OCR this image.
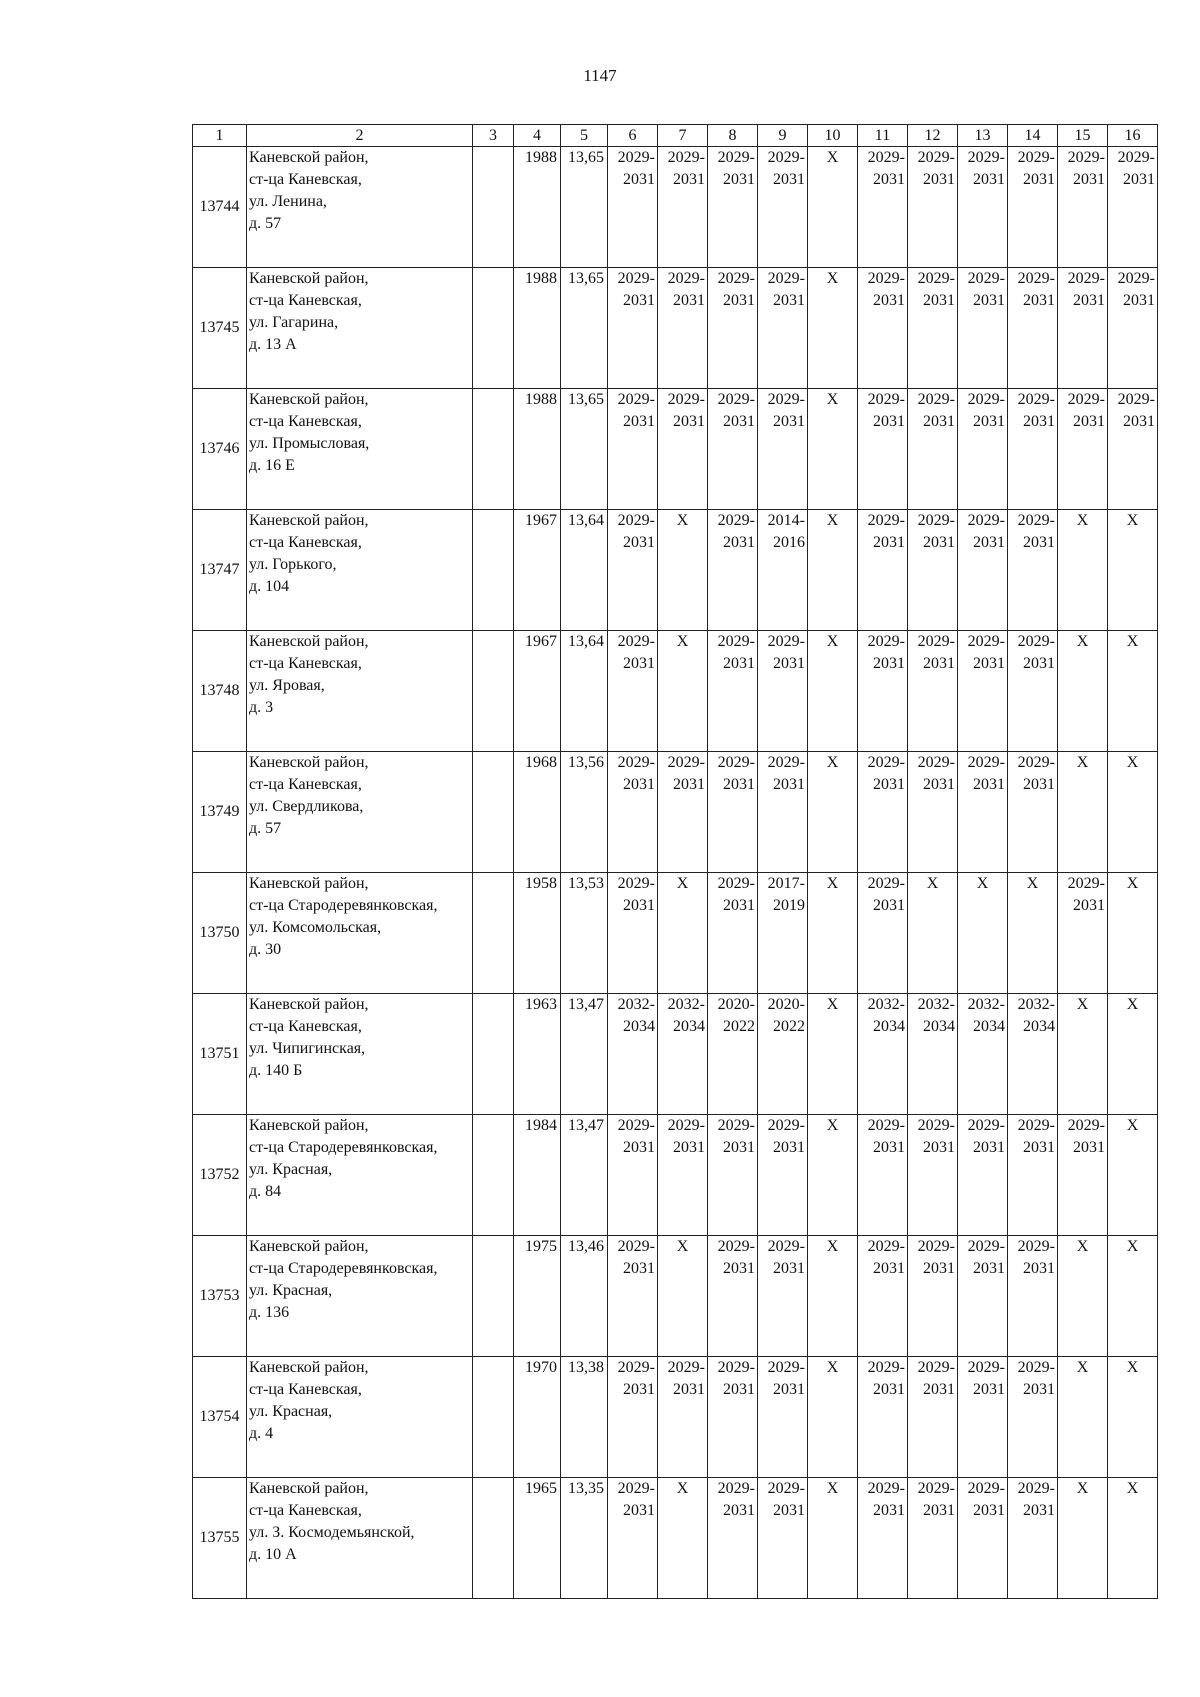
1147
1	2	3	4	5	6	7	8	9	10	11	12	13	14	15	16
13744	Каневской район,
ст-ца Каневская,
ул. Ленина,
д. 57		1988	13,65	2029-
2031	2029-
2031	2029-
2031	2029-
2031	X	2029-
2031	2029-
2031	2029-
2031	2029-
2031	2029-
2031	2029-
2031

13745	Каневской район,
ст-ца Каневская,
ул. Гагарина,
д. 13 А		1988	13,65	2029-
2031	2029-
2031	2029-
2031	2029-
2031	X	2029-
2031	2029-
2031	2029-
2031	2029-
2031	2029-
2031	2029-
2031

13746	Каневской район,
ст-ца Каневская,
ул. Промысловая,
д. 16 Е		1988	13,65	2029-
2031	2029-
2031	2029-
2031	2029-
2031	X	2029-
2031	2029-
2031	2029-
2031	2029-
2031	2029-
2031	2029-
2031

13747	Каневской район,
ст-ца Каневская,
ул. Горького,
д. 104		1967	13,64	2029-
2031	X	2029-
2031	2014-
2016	X	2029-
2031	2029-
2031	2029-
2031	2029-
2031	X	X
13748	Каневской район,
ст-ца Каневская,
ул. Яровая,
д. 3		1967	13,64	2029-
2031	X	2029-
2031	2029-
2031	X	2029-
2031	2029-
2031	2029-
2031	2029-
2031	X	X
13749	Каневской район,
ст-ца Каневская,
ул. Свердликова,
д. 57		1968	13,56	2029-
2031	2029-
2031	2029-
2031	2029-
2031	X	2029-
2031	2029-
2031	2029-
2031	2029-
2031	X	X
13750	Каневской район,
ст-ца Стародеревянковская,
ул. Комсомольская,
д. 30		1958	13,53	2029-
2031	X	2029-
2031	2017-
2019	X	2029-
2031	X	X	X	2029-
2031	X
13751	Каневской район,
ст-ца Каневская,
ул. Чипигинская,
д. 140 Б		1963	13,47	2032-
2034	2032-
2034	2020-
2022	2020-
2022	X	2032-
2034	2032-
2034	2032-
2034	2032-
2034	X	X
13752	Каневской район,
ст-ца Стародеревянковская,
ул. Красная,
д. 84		1984	13,47	2029-
2031	2029-
2031	2029-
2031	2029-
2031	X	2029-
2031	2029-
2031	2029-
2031	2029-
2031	2029-
2031	X
13753	Каневской район,
ст-ца Стародеревянковская,
ул. Красная,
д. 136		1975	13,46	2029-
2031	X	2029-
2031	2029-
2031	X	2029-
2031	2029-
2031	2029-
2031	2029-
2031	X	X
13754	Каневской район,
ст-ца Каневская,
ул. Красная,
д. 4		1970	13,38	2029-
2031	2029-
2031	2029-
2031	2029-
2031	X	2029-
2031	2029-
2031	2029-
2031	2029-
2031	X	X
13755	Каневской район,
ст-ца Каневская,
ул. З. Космодемьянской,
д. 10 А		1965	13,35	2029-
2031	X	2029-
2031	2029-
2031	X	2029-
2031	2029-
2031	2029-
2031	2029-
2031	X	X
